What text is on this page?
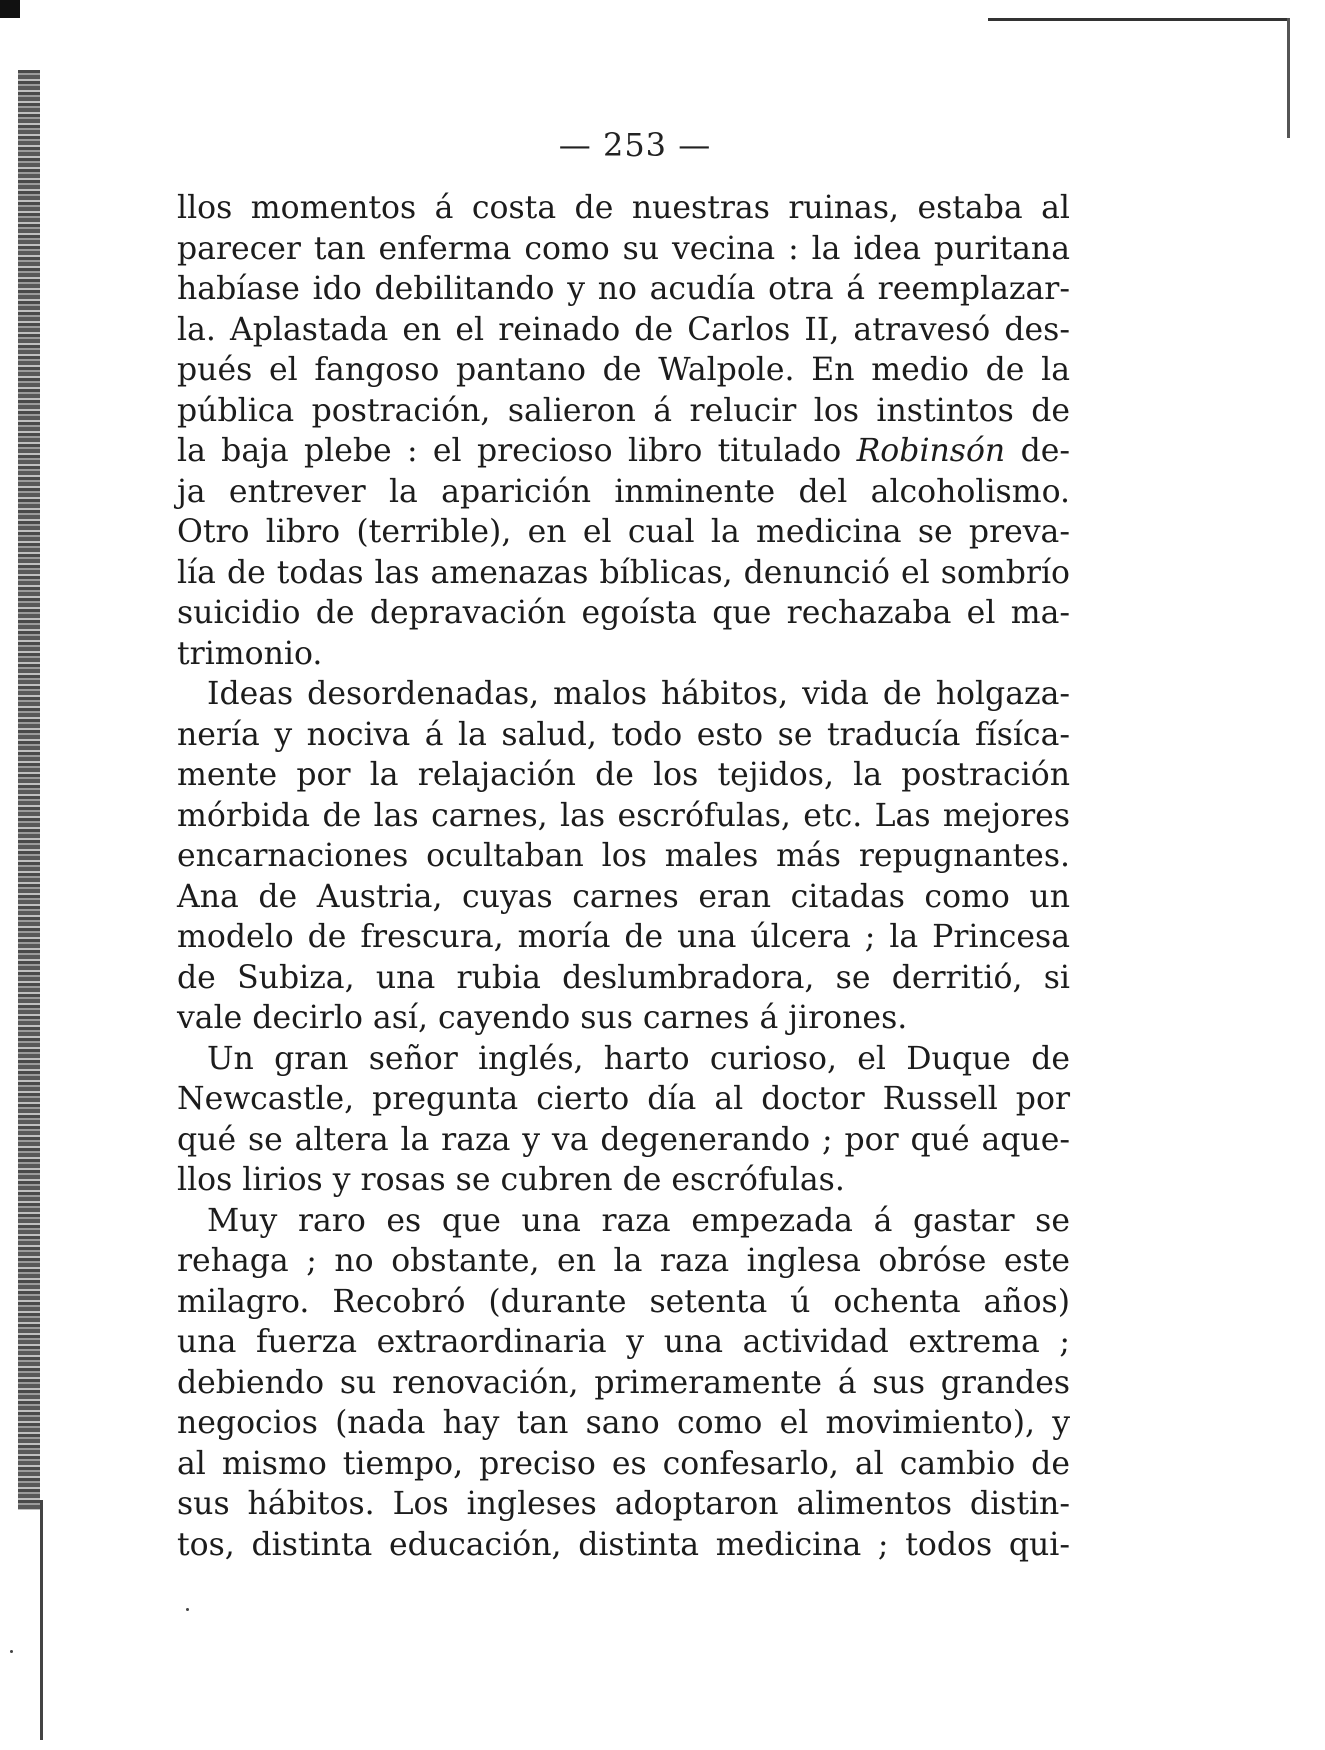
— 253 —
llos momentos á costa de nuestras ruinas, estaba al
parecer tan enferma como su vecina : la idea puritana
habíase ido debilitando y no acudía otra á reemplazar-
la. Aplastada en el reinado de Carlos II, atravesó des-
pués el fangoso pantano de Walpole. En medio de la
pública postración, salieron á relucir los instintos de
la baja plebe : el precioso libro titulado Robinsón de-
ja entrever la aparición inminente del alcoholismo.
Otro libro (terrible), en el cual la medicina se preva-
lía de todas las amenazas bíblicas, denunció el sombrío
suicidio de depravación egoísta que rechazaba el ma-
trimonio.
Ideas desordenadas, malos hábitos, vida de holgaza-
nería y nociva á la salud, todo esto se traducía físíca-
mente por la relajación de los tejidos, la postración
mórbida de las carnes, las escrófulas, etc. Las mejores
encarnaciones ocultaban los males más repugnantes.
Ana de Austria, cuyas carnes eran citadas como un
modelo de frescura, moría de una úlcera ; la Princesa
de Subiza, una rubia deslumbradora, se derritió, si
vale decirlo así, cayendo sus carnes á jirones.
Un gran señor inglés, harto curioso, el Duque de
Newcastle, pregunta cierto día al doctor Russell por
qué se altera la raza y va degenerando ; por qué aque-
llos lirios y rosas se cubren de escrófulas.
Muy raro es que una raza empezada á gastar se
rehaga ; no obstante, en la raza inglesa obróse este
milagro. Recobró (durante setenta ú ochenta años)
una fuerza extraordinaria y una actividad extrema ;
debiendo su renovación, primeramente á sus grandes
negocios (nada hay tan sano como el movimiento), y
al mismo tiempo, preciso es confesarlo, al cambio de
sus hábitos. Los ingleses adoptaron alimentos distin-
tos, distinta educación, distinta medicina ; todos qui-
